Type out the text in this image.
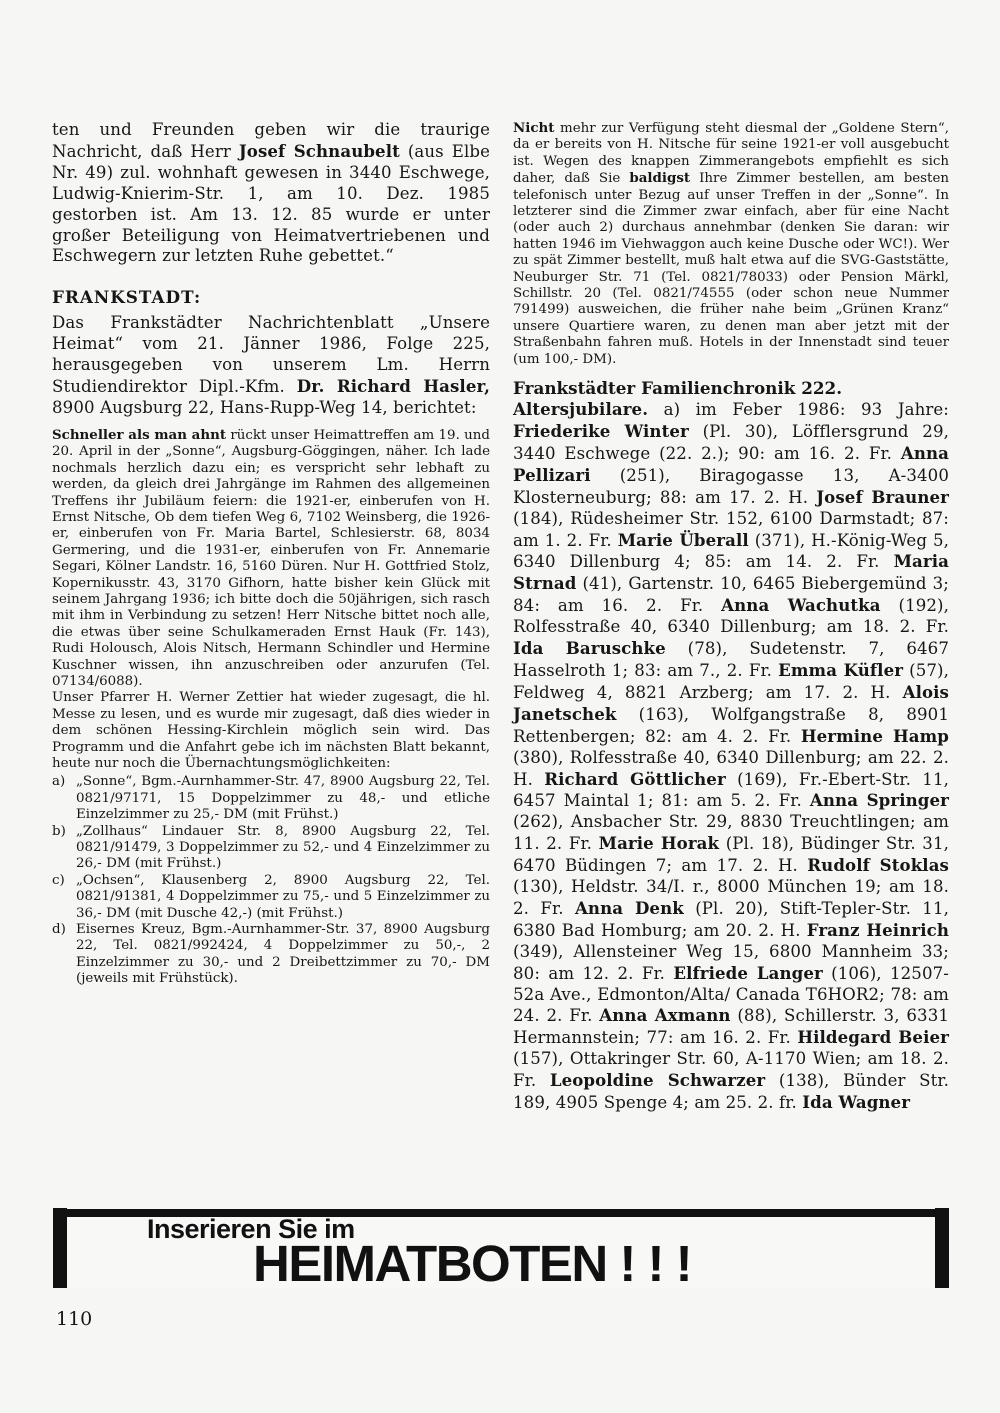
ten und Freunden geben wir die traurige Nachricht, daß Herr Josef Schnaubelt (aus Elbe Nr. 49) zul. wohnhaft gewesen in 3440 Eschwege, Ludwig-Knierim-Str. 1, am 10. Dez. 1985 gestorben ist. Am 13. 12. 85 wurde er unter großer Beteiligung von Heimatvertriebenen und Eschwegern zur letzten Ruhe gebettet.“

FRANKSTADT:

Das Frankstädter Nachrichtenblatt „Unsere Heimat“ vom 21. Jänner 1986, Folge 225, herausgegeben von unserem Lm. Herrn Studiendirektor Dipl.-Kfm. Dr. Richard Hasler, 8900 Augsburg 22, Hans-Rupp-Weg 14, berichtet:

Schneller als man ahnt rückt unser Heimattreffen am 19. und 20. April in der „Sonne“, Augsburg-Göggingen, näher. Ich lade nochmals herzlich dazu ein; es verspricht sehr lebhaft zu werden, da gleich drei Jahrgänge im Rahmen des allgemeinen Treffens ihr Jubiläum feiern: die 1921-er, einberufen von H. Ernst Nitsche, Ob dem tiefen Weg 6, 7102 Weinsberg, die 1926-er, einberufen von Fr. Maria Bartel, Schlesierstr. 68, 8034 Germering, und die 1931-er, einberufen von Fr. Annemarie Segari, Kölner Landstr. 16, 5160 Düren. Nur H. Gottfried Stolz, Kopernikusstr. 43, 3170 Gifhorn, hatte bisher kein Glück mit seinem Jahrgang 1936; ich bitte doch die 50jährigen, sich rasch mit ihm in Verbindung zu setzen! Herr Nitsche bittet noch alle, die etwas über seine Schulkameraden Ernst Hauk (Fr. 143), Rudi Holousch, Alois Nitsch, Hermann Schindler und Hermine Kuschner wissen, ihn anzuschreiben oder anzurufen (Tel. 07134/6088).

Unser Pfarrer H. Werner Zettier hat wieder zugesagt, die hl. Messe zu lesen, und es wurde mir zugesagt, daß dies wieder in dem schönen Hessing-Kirchlein möglich sein wird. Das Programm und die Anfahrt gebe ich im nächsten Blatt bekannt, heute nur noch die Übernachtungsmöglichkeiten:

a) „Sonne“, Bgm.-Aurnhammer-Str. 47, 8900 Augsburg 22, Tel. 0821/97171, 15 Doppelzimmer zu 48,- und etliche Einzelzimmer zu 25,- DM (mit Frühst.)
b) „Zollhaus“ Lindauer Str. 8, 8900 Augsburg 22, Tel. 0821/91479, 3 Doppelzimmer zu 52,- und 4 Einzelzimmer zu 26,- DM (mit Frühst.)
c) „Ochsen“, Klausenberg 2, 8900 Augsburg 22, Tel. 0821/91381, 4 Doppelzimmer zu 75,- und 5 Einzelzimmer zu 36,- DM (mit Dusche 42,-) (mit Frühst.)
d) Eisernes Kreuz, Bgm.-Aurnhammer-Str. 37, 8900 Augsburg 22, Tel. 0821/992424, 4 Doppelzimmer zu 50,-, 2 Einzelzimmer zu 30,- und 2 Dreibettzimmer zu 70,- DM (jeweils mit Frühstück).

Nicht mehr zur Verfügung steht diesmal der „Goldene Stern“, da er bereits von H. Nitsche für seine 1921-er voll ausgebucht ist. Wegen des knappen Zimmerangebots empfiehlt es sich daher, daß Sie baldigst Ihre Zimmer bestellen, am besten telefonisch unter Bezug auf unser Treffen in der „Sonne“. In letzterer sind die Zimmer zwar einfach, aber für eine Nacht (oder auch 2) durchaus annehmbar (denken Sie daran: wir hatten 1946 im Viehwaggon auch keine Dusche oder WC!). Wer zu spät Zimmer bestellt, muß halt etwa auf die SVG-Gaststätte, Neuburger Str. 71 (Tel. 0821/78033) oder Pension Märkl, Schillstr. 20 (Tel. 0821/74555 (oder schon neue Nummer 791499) ausweichen, die früher nahe beim „Grünen Kranz“ unsere Quartiere waren, zu denen man aber jetzt mit der Straßenbahn fahren muß. Hotels in der Innenstadt sind teuer (um 100,- DM).

Frankstädter Familienchronik 222.

Altersjubilare. a) im Feber 1986: 93 Jahre: Friederike Winter (Pl. 30), Löfflersgrund 29, 3440 Eschwege (22. 2.); 90: am 16. 2. Fr. Anna Pellizari (251), Biragogasse 13, A-3400 Klosterneuburg; 88: am 17. 2. H. Josef Brauner (184), Rüdesheimer Str. 152, 6100 Darmstadt; 87: am 1. 2. Fr. Marie Überall (371), H.-König-Weg 5, 6340 Dillenburg 4; 85: am 14. 2. Fr. Maria Strnad (41), Gartenstr. 10, 6465 Biebergemünd 3; 84: am 16. 2. Fr. Anna Wachutka (192), Rolfesstraße 40, 6340 Dillenburg; am 18. 2. Fr. Ida Baruschke (78), Sudetenstr. 7, 6467 Hasselroth 1; 83: am 7., 2. Fr. Emma Küfler (57), Feldweg 4, 8821 Arzberg; am 17. 2. H. Alois Janetschek (163), Wolfgangstraße 8, 8901 Rettenbergen; 82: am 4. 2. Fr. Hermine Hamp (380), Rolfesstraße 40, 6340 Dillenburg; am 22. 2. H. Richard Göttlicher (169), Fr.-Ebert-Str. 11, 6457 Maintal 1; 81: am 5. 2. Fr. Anna Springer (262), Ansbacher Str. 29, 8830 Treuchtlingen; am 11. 2. Fr. Marie Horak (Pl. 18), Büdinger Str. 31, 6470 Büdingen 7; am 17. 2. H. Rudolf Stoklas (130), Heldstr. 34/I. r., 8000 München 19; am 18. 2. Fr. Anna Denk (Pl. 20), Stift-Tepler-Str. 11, 6380 Bad Homburg; am 20. 2. H. Franz Heinrich (349), Allensteiner Weg 15, 6800 Mannheim 33; 80: am 12. 2. Fr. Elfriede Langer (106), 12507-52a Ave., Edmonton/Alta/ Canada T6HOR2; 78: am 24. 2. Fr. Anna Axmann (88), Schillerstr. 3, 6331 Hermannstein; 77: am 16. 2. Fr. Hildegard Beier (157), Ottakringer Str. 60, A-1170 Wien; am 18. 2. Fr. Leopoldine Schwarzer (138), Bünder Str. 189, 4905 Spenge 4; am 25. 2. fr. Ida Wagner

Inserieren Sie im
HEIMATBOTEN ! ! !
110
